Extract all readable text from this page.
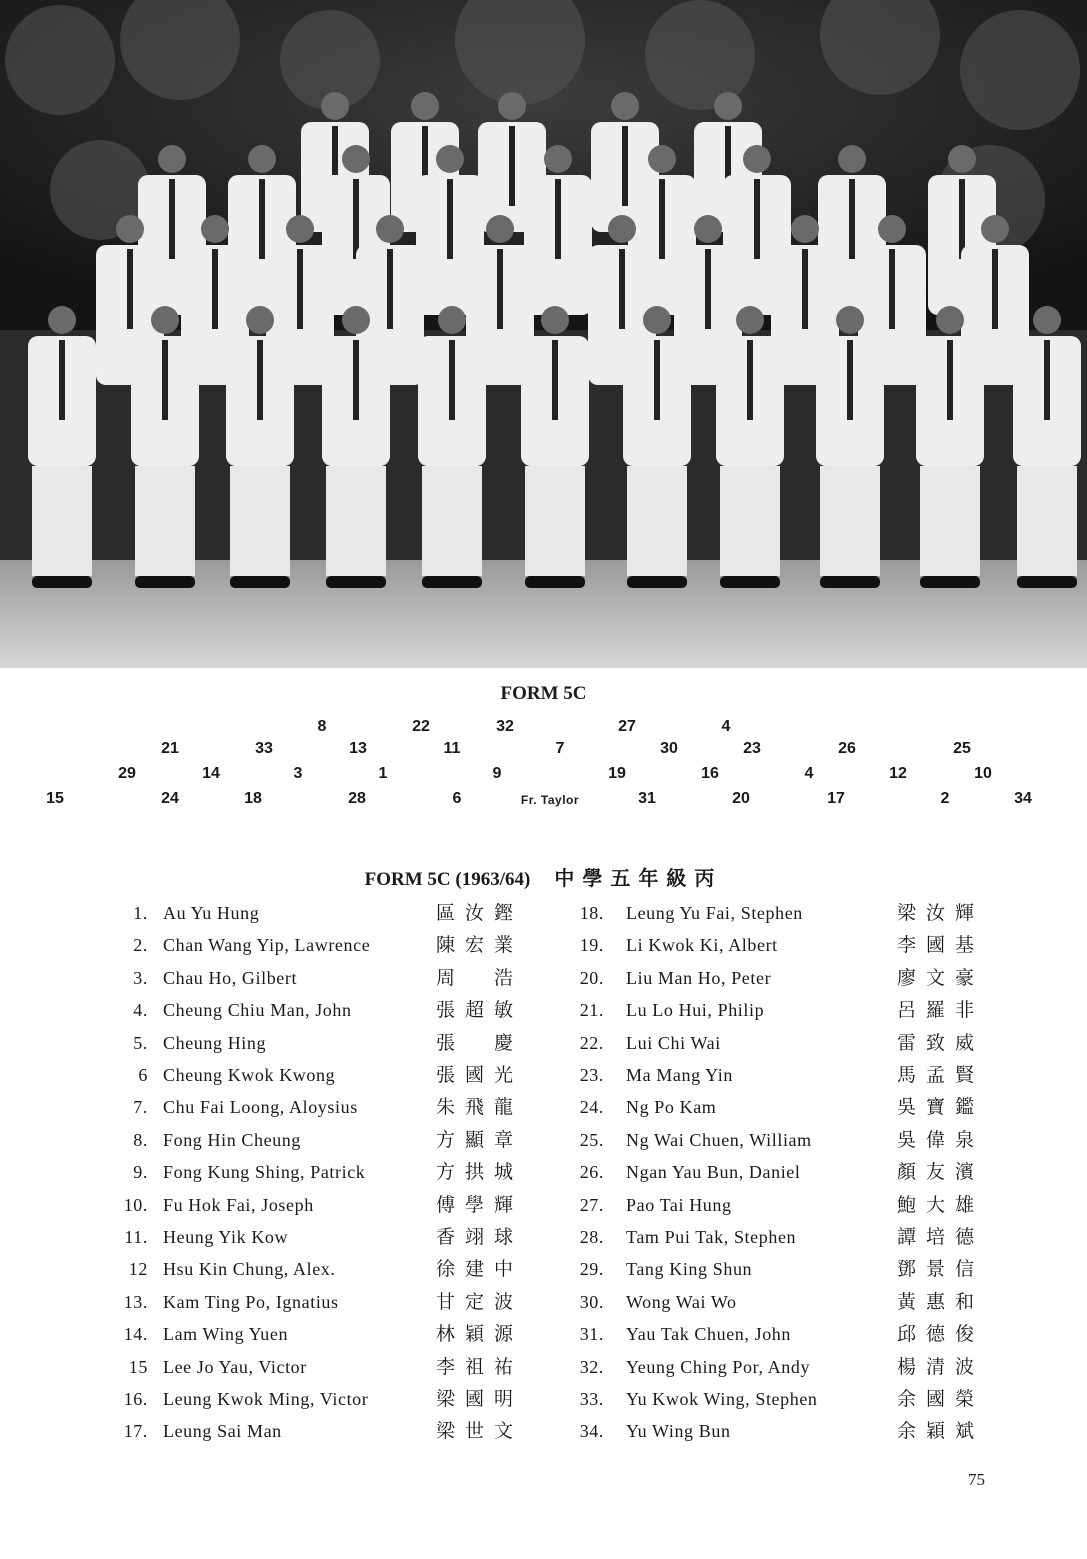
8	22	32	27	4
21	33	13	11	7	30	23	26	25
29	14	3	1	9	19	16	4	12	10
15	24	18	28	6	Fr. Taylor	31	20	17	2	34
FORM 5C
FORM 5C (1963/64) 中學五年級丙
1. Au Yu Hung	區汝鏗
2. Chan Wang Yip, Lawrence	陳宏業
3. Chau Ho, Gilbert	周　浩
4. Cheung Chiu Man, John	張超敏
5. Cheung Hing	張　慶
6 Cheung Kwok Kwong	張國光
7. Chu Fai Loong, Aloysius	朱飛龍
8. Fong Hin Cheung	方顯章
9. Fong Kung Shing, Patrick	方拱城
10. Fu Hok Fai, Joseph	傅學輝
11. Heung Yik Kow	香翊球
12 Hsu Kin Chung, Alex.	徐建中
13. Kam Ting Po, Ignatius	甘定波
14. Lam Wing Yuen	林穎源
15 Lee Jo Yau, Victor	李祖祐
16. Leung Kwok Ming, Victor	梁國明
17. Leung Sai Man	梁世文
18. Leung Yu Fai, Stephen	梁汝輝
19. Li Kwok Ki, Albert	李國基
20. Liu Man Ho, Peter	廖文豪
21. Lu Lo Hui, Philip	呂羅非
22. Lui Chi Wai	雷致威
23. Ma Mang Yin	馬孟賢
24. Ng Po Kam	吳寶鑑
25. Ng Wai Chuen, William	吳偉泉
26. Ngan Yau Bun, Daniel	顏友濱
27. Pao Tai Hung	鮑大雄
28. Tam Pui Tak, Stephen	譚培德
29. Tang King Shun	鄧景信
30. Wong Wai Wo	黃惠和
31. Yau Tak Chuen, John	邱德俊
32. Yeung Ching Por, Andy	楊清波
33. Yu Kwok Wing, Stephen	余國榮
34. Yu Wing Bun	余穎斌
75
